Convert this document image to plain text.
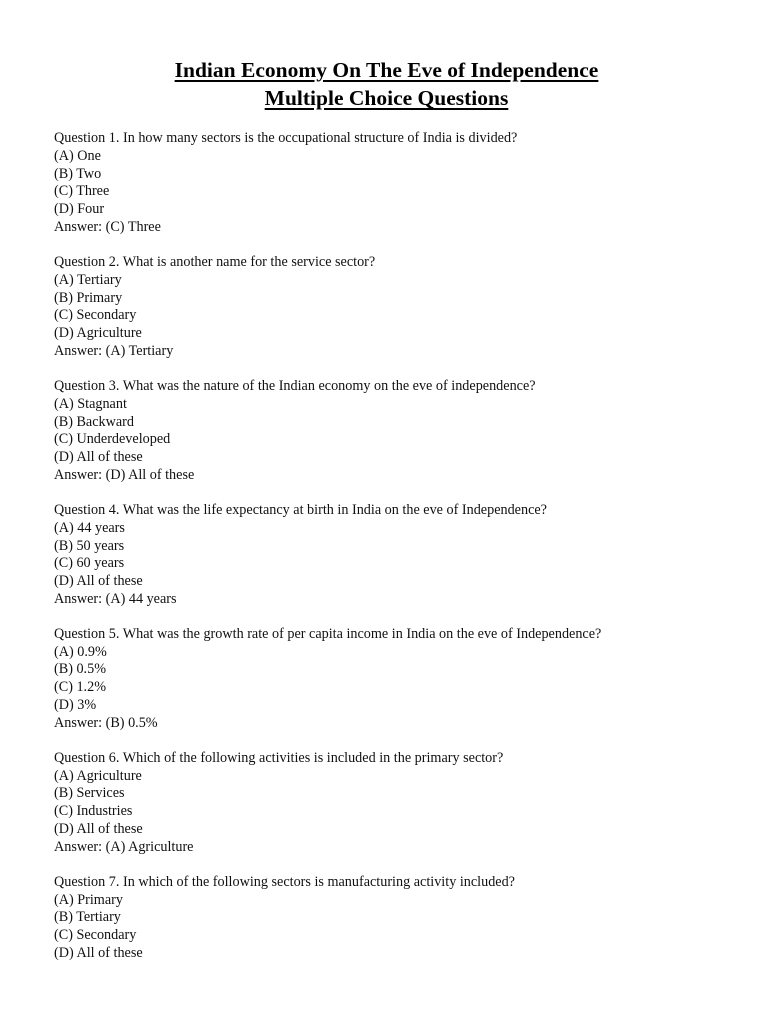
Indian Economy On The Eve of Independence
Multiple Choice Questions
Question 1. In how many sectors is the occupational structure of India is divided?
(A) One
(B) Two
(C) Three
(D) Four
Answer: (C) Three
Question 2. What is another name for the service sector?
(A) Tertiary
(B) Primary
(C) Secondary
(D) Agriculture
Answer: (A) Tertiary
Question 3. What was the nature of the Indian economy on the eve of independence?
(A) Stagnant
(B) Backward
(C) Underdeveloped
(D) All of these
Answer: (D) All of these
Question 4. What was the life expectancy at birth in India on the eve of Independence?
(A) 44 years
(B) 50 years
(C) 60 years
(D) All of these
Answer: (A) 44 years
Question 5. What was the growth rate of per capita income in India on the eve of Independence?
(A) 0.9%
(B) 0.5%
(C) 1.2%
(D) 3%
Answer: (B) 0.5%
Question 6. Which of the following activities is included in the primary sector?
(A) Agriculture
(B) Services
(C) Industries
(D) All of these
Answer: (A) Agriculture
Question 7. In which of the following sectors is manufacturing activity included?
(A) Primary
(B) Tertiary
(C) Secondary
(D) All of these
